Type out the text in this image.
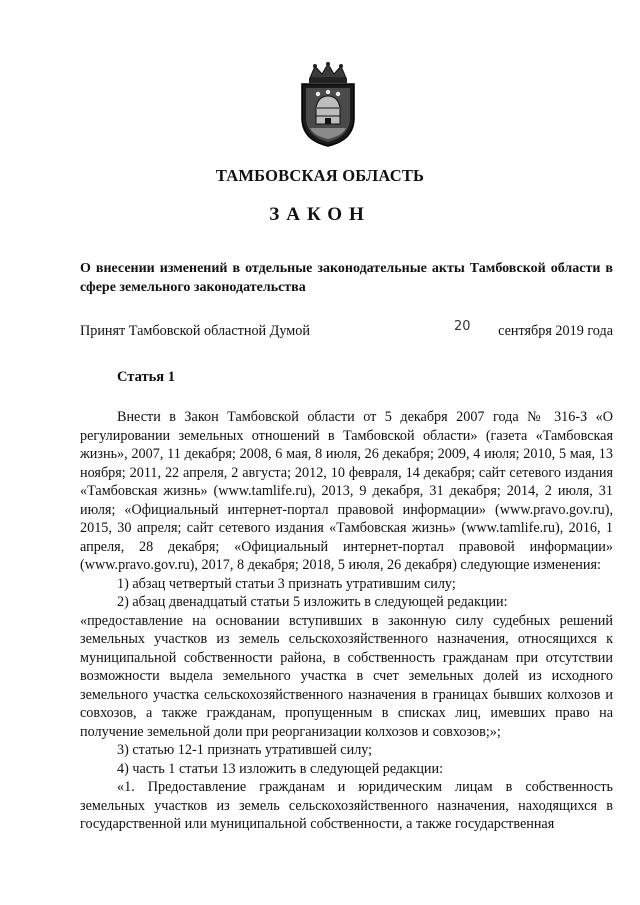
ТАМБОВСКАЯ ОБЛАСТЬ
ЗАКОН
О внесении изменений в отдельные законодательные акты Тамбовской области в сфере земельного законодательства
Принят Тамбовской областной Думой	20 сентября 2019 года
Статья 1

Внести в Закон Тамбовской области от 5 декабря 2007 года № 316-З «О регулировании земельных отношений в Тамбовской области» (газета «Тамбовская жизнь», 2007, 11 декабря; 2008, 6 мая, 8 июля, 26 декабря; 2009, 4 июля; 2010, 5 мая, 13 ноября; 2011, 22 апреля, 2 августа; 2012, 10 февраля, 14 декабря; сайт сетевого издания «Тамбовская жизнь» (www.tamlife.ru), 2013, 9 декабря, 31 декабря; 2014, 2 июля, 31 июля; «Официальный интернет-портал правовой информации» (www.pravo.gov.ru), 2015, 30 апреля; сайт сетевого издания «Тамбовская жизнь» (www.tamlife.ru), 2016, 1 апреля, 28 декабря; «Официальный интернет-портал правовой информации» (www.pravo.gov.ru), 2017, 8 декабря; 2018, 5 июля, 26 декабря) следующие изменения:

1) абзац четвертый статьи 3 признать утратившим силу;

2) абзац двенадцатый статьи 5 изложить в следующей редакции:

«предоставление на основании вступивших в законную силу судебных решений земельных участков из земель сельскохозяйственного назначения, относящихся к муниципальной собственности района, в собственность гражданам при отсутствии возможности выдела земельного участка в счет земельных долей из исходного земельного участка сельскохозяйственного назначения в границах бывших колхозов и совхозов, а также гражданам, пропущенным в списках лиц, имевших право на получение земельной доли при реорганизации колхозов и совхозов;»;

3) статью 12-1 признать утратившей силу;

4) часть 1 статьи 13 изложить в следующей редакции:

«1. Предоставление гражданам и юридическим лицам в собственность земельных участков из земель сельскохозяйственного назначения, находящихся в государственной или муниципальной собственности, а также государственная
